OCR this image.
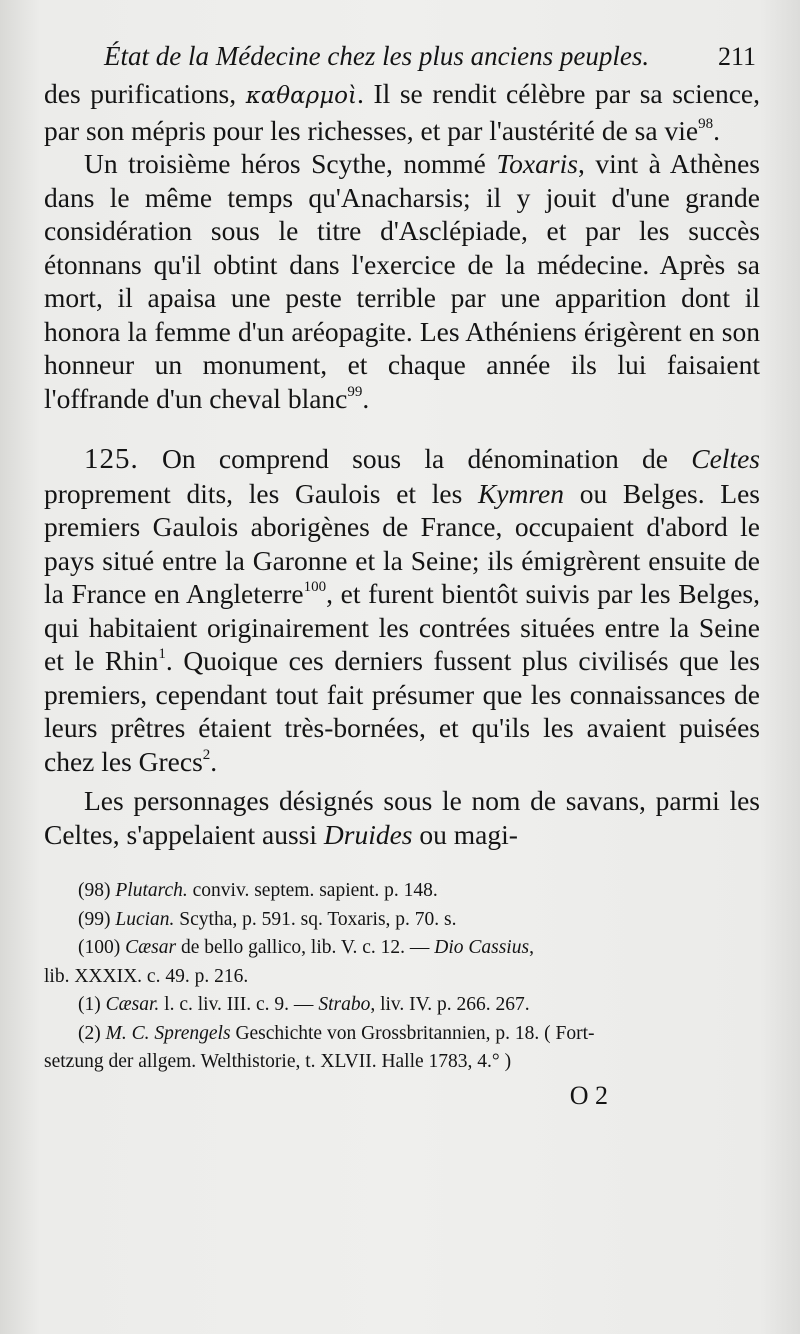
État de la Médecine chez les plus anciens peuples.	211

des purifications, καθαρμοὶ. Il se rendit célèbre par sa science, par son mépris pour les richesses, et par l'austérité de sa vie$^{98}$.

Un troisième héros Scythe, nommé Toxaris, vint à Athènes dans le même temps qu'Anacharsis; il y jouit d'une grande considération sous le titre d'Asclépiade, et par les succès étonnans qu'il obtint dans l'exercice de la médecine. Après sa mort, il apaisa une peste terrible par une apparition dont il honora la femme d'un aréopagite. Les Athéniens érigèrent en son honneur un monument, et chaque année ils lui faisaient l'offrande d'un cheval blanc$^{99}$.

125. On comprend sous la dénomination de Celtes proprement dits, les Gaulois et les Kymren ou Belges. Les premiers Gaulois aborigènes de France, occupaient d'abord le pays situé entre la Garonne et la Seine; ils émigrèrent ensuite de la France en Angleterre$^{100}$, et furent bientôt suivis par les Belges, qui habitaient originairement les contrées situées entre la Seine et le Rhin$^1$. Quoique ces derniers fussent plus civilisés que les premiers, cependant tout fait présumer que les connaissances de leurs prêtres étaient très-bornées, et qu'ils les avaient puisées chez les Grecs$^2$.

Les personnages désignés sous le nom de savans, parmi les Celtes, s'appelaient aussi Druides ou magi-

(98) Plutarch. conviv. septem. sapient. p. 148.

(99) Lucian. Scytha, p. 591. sq. Toxaris, p. 70. s.

(100) Cæsar de bello gallico, lib. V. c. 12. — Dio Cassius,

lib. XXXIX. c. 49. p. 216.

(1) Cæsar. l. c. liv. III. c. 9. — Strabo, liv. IV. p. 266. 267.

(2) M. C. Sprengels Geschichte von Grossbritannien, p. 18. ( Fort-

setzung der allgem. Welthistorie, t. XLVII. Halle 1783, 4.° )

O 2
